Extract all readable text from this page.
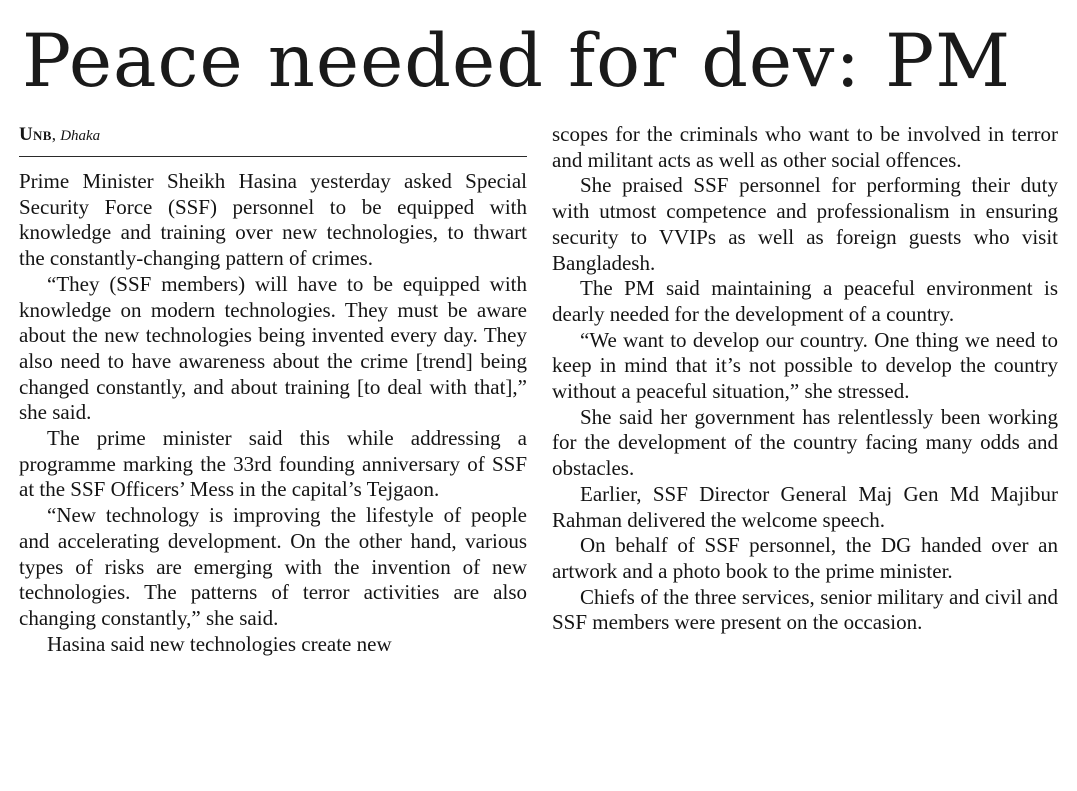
Peace needed for dev: PM
Unb, Dhaka

Prime Minister Sheikh Hasina yesterday asked Special Security Force (SSF) personnel to be equipped with knowledge and training over new technologies, to thwart the constantly-changing pattern of crimes.

“They (SSF members) will have to be equipped with knowledge on modern technologies. They must be aware about the new technologies being invented every day. They also need to have awareness about the crime [trend] being changed constantly, and about training [to deal with that],” she said.

The prime minister said this while addressing a programme marking the 33rd founding anniversary of SSF at the SSF Officers’ Mess in the capital’s Tejgaon.

“New technology is improving the lifestyle of people and accelerating development. On the other hand, various types of risks are emerging with the invention of new technologies. The patterns of terror activities are also changing constantly,” she said.

Hasina said new technologies create new

scopes for the criminals who want to be involved in terror and militant acts as well as other social offences.

She praised SSF personnel for performing their duty with utmost competence and professionalism in ensuring security to VVIPs as well as foreign guests who visit Bangladesh.

The PM said maintaining a peaceful environment is dearly needed for the development of a country.

“We want to develop our country. One thing we need to keep in mind that it’s not possible to develop the country without a peaceful situation,” she stressed.

She said her government has relentlessly been working for the development of the country facing many odds and obstacles.

Earlier, SSF Director General Maj Gen Md Majibur Rahman delivered the welcome speech.

On behalf of SSF personnel, the DG handed over an artwork and a photo book to the prime minister.

Chiefs of the three services, senior military and civil and SSF members were present on the occasion.
